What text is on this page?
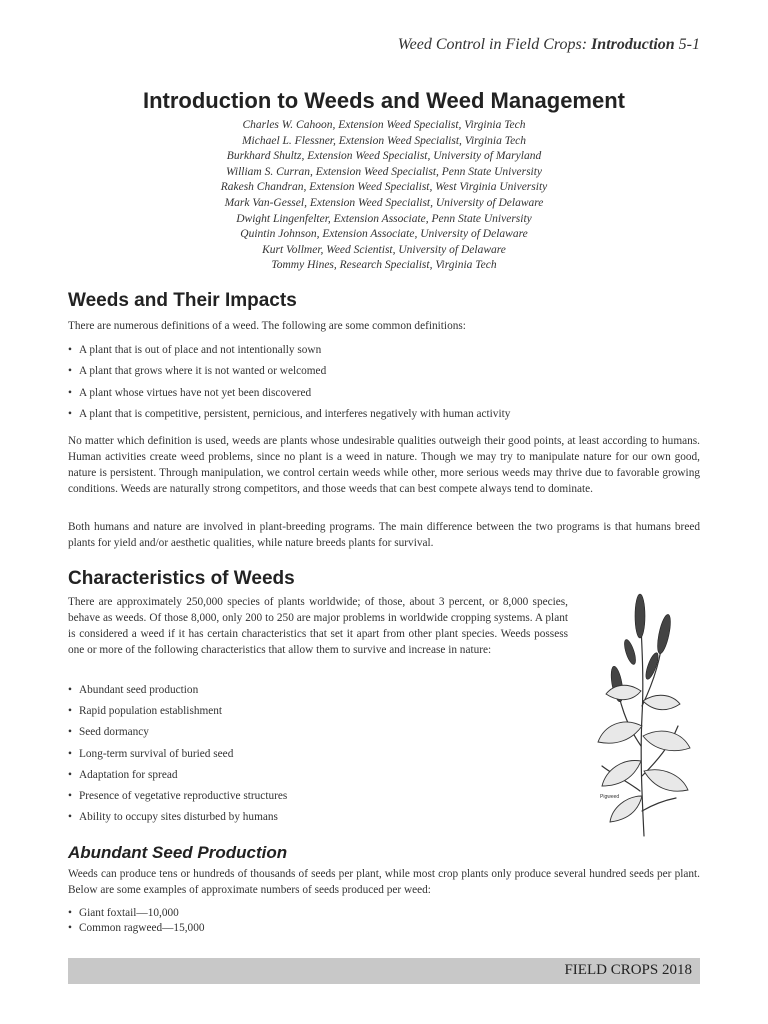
Weed Control in Field Crops: Introduction 5-1
Introduction to Weeds and Weed Management
Charles W. Cahoon, Extension Weed Specialist, Virginia Tech
Michael L. Flessner, Extension Weed Specialist, Virginia Tech
Burkhard Shultz, Extension Weed Specialist, University of Maryland
William S. Curran, Extension Weed Specialist, Penn State University
Rakesh Chandran, Extension Weed Specialist, West Virginia University
Mark Van-Gessel, Extension Weed Specialist, University of Delaware
Dwight Lingenfelter, Extension Associate, Penn State University
Quintin Johnson, Extension Associate, University of Delaware
Kurt Vollmer, Weed Scientist, University of Delaware
Tommy Hines, Research Specialist, Virginia Tech
Weeds and Their Impacts

There are numerous definitions of a weed. The following are some common definitions:

• A plant that is out of place and not intentionally sown
• A plant that grows where it is not wanted or welcomed
• A plant whose virtues have not yet been discovered
• A plant that is competitive, persistent, pernicious, and interferes negatively with human activity

No matter which definition is used, weeds are plants whose undesirable qualities outweigh their good points, at least according to humans. Human activities create weed problems, since no plant is a weed in nature. Though we may try to manipulate nature for our own good, nature is persistent. Through manipulation, we control certain weeds while other, more serious weeds may thrive due to favorable growing conditions. Weeds are naturally strong competitors, and those weeds that can best compete always tend to dominate.

Both humans and nature are involved in plant-breeding programs. The main difference between the two programs is that humans breed plants for yield and/or aesthetic qualities, while nature breeds plants for survival.

Characteristics of Weeds

There are approximately 250,000 species of plants worldwide; of those, about 3 percent, or 8,000 species, behave as weeds. Of those 8,000, only 200 to 250 are major problems in worldwide cropping systems. A plant is considered a weed if it has certain characteristics that set it apart from other plant species. Weeds possess one or more of the following characteristics that allow them to survive and increase in nature:

• Abundant seed production
• Rapid population establishment
• Seed dormancy
• Long-term survival of buried seed
• Adaptation for spread
• Presence of vegetative reproductive structures
• Ability to occupy sites disturbed by humans
Pigweed
Abundant Seed Production

Weeds can produce tens or hundreds of thousands of seeds per plant, while most crop plants only produce several hundred seeds per plant. Below are some examples of approximate numbers of seeds produced per weed:

• Giant foxtail—10,000
• Common ragweed—15,000
FIELD CROPS 2018
